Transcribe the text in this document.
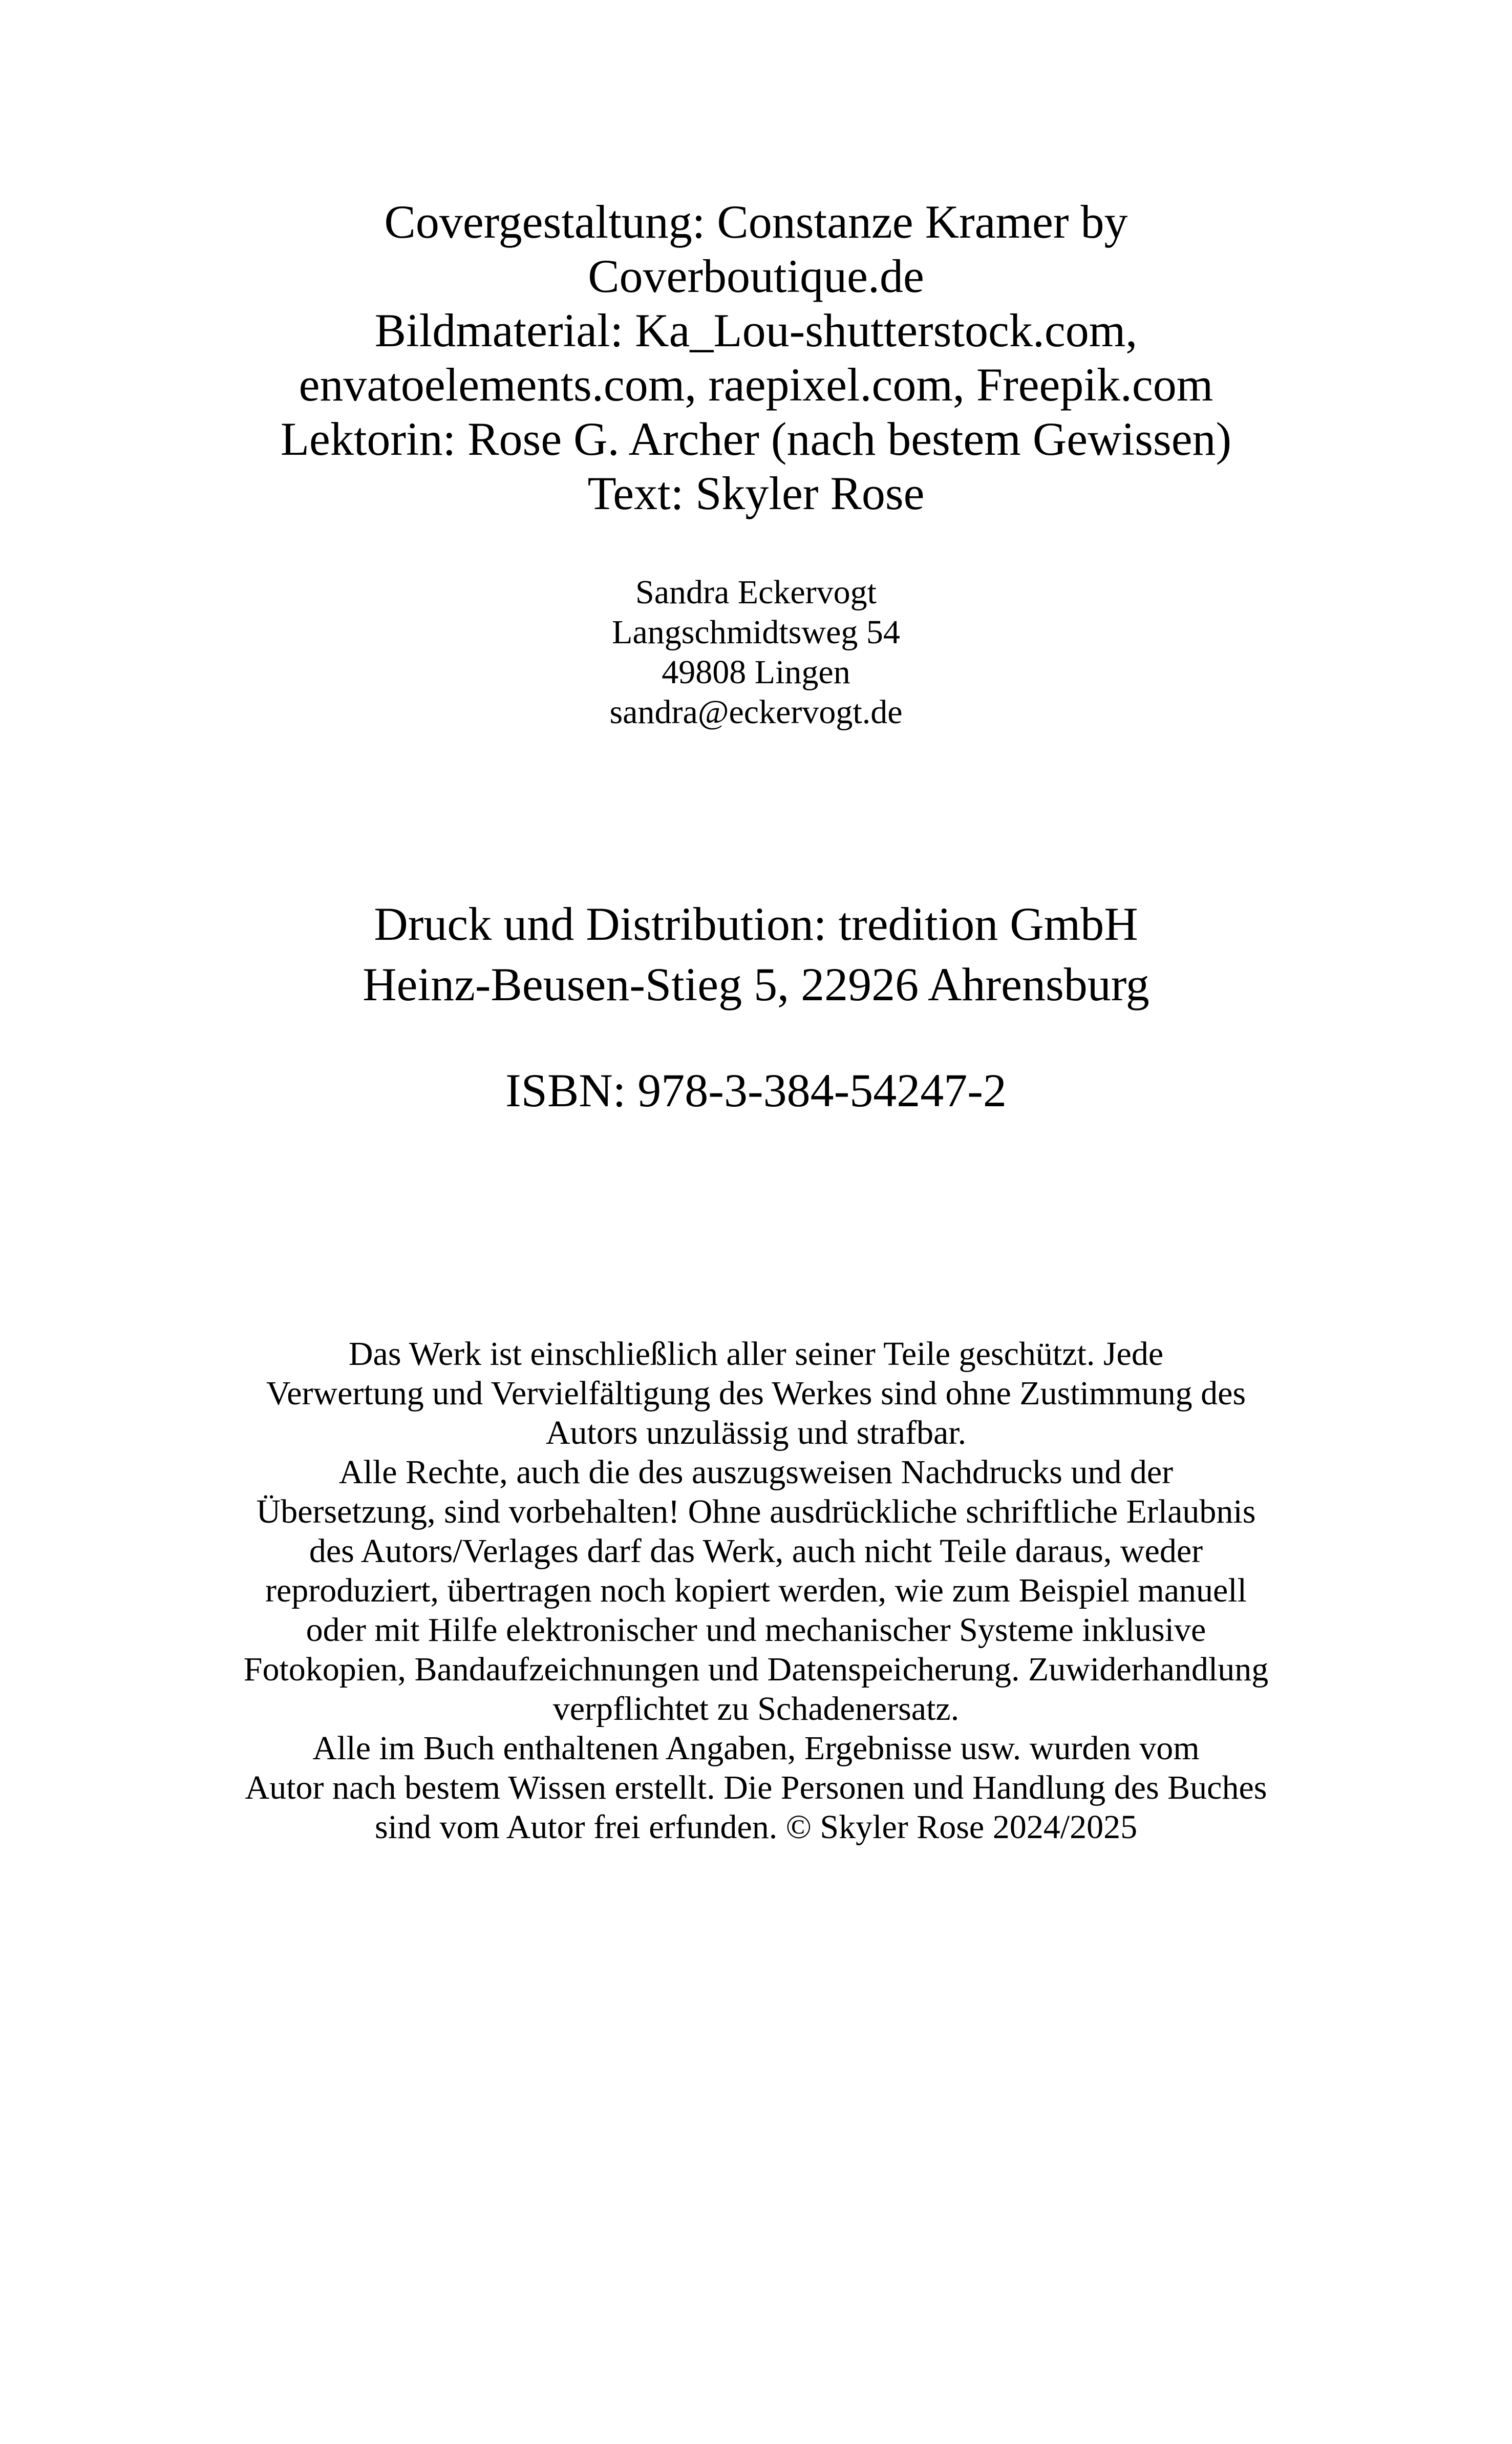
Covergestaltung: Constanze Kramer by
Coverboutique.de
Bildmaterial: Ka_Lou-shutterstock.com,
envatoelements.com, raepixel.com, Freepik.com
Lektorin: Rose G. Archer (nach bestem Gewissen)
Text: Skyler Rose
Sandra Eckervogt
Langschmidtsweg 54
49808 Lingen
sandra@eckervogt.de
Druck und Distribution: tredition GmbH
Heinz-Beusen-Stieg 5, 22926 Ahrensburg
ISBN: 978-3-384-54247-2
Das Werk ist einschließlich aller seiner Teile geschützt. Jede
Verwertung und Vervielfältigung des Werkes sind ohne Zustimmung des
Autors unzulässig und strafbar.
Alle Rechte, auch die des auszugsweisen Nachdrucks und der
Übersetzung, sind vorbehalten! Ohne ausdrückliche schriftliche Erlaubnis
des Autors/Verlages darf das Werk, auch nicht Teile daraus, weder
reproduziert, übertragen noch kopiert werden, wie zum Beispiel manuell
oder mit Hilfe elektronischer und mechanischer Systeme inklusive
Fotokopien, Bandaufzeichnungen und Datenspeicherung. Zuwiderhandlung
verpflichtet zu Schadenersatz.
Alle im Buch enthaltenen Angaben, Ergebnisse usw. wurden vom
Autor nach bestem Wissen erstellt. Die Personen und Handlung des Buches
sind vom Autor frei erfunden. © Skyler Rose 2024/2025
